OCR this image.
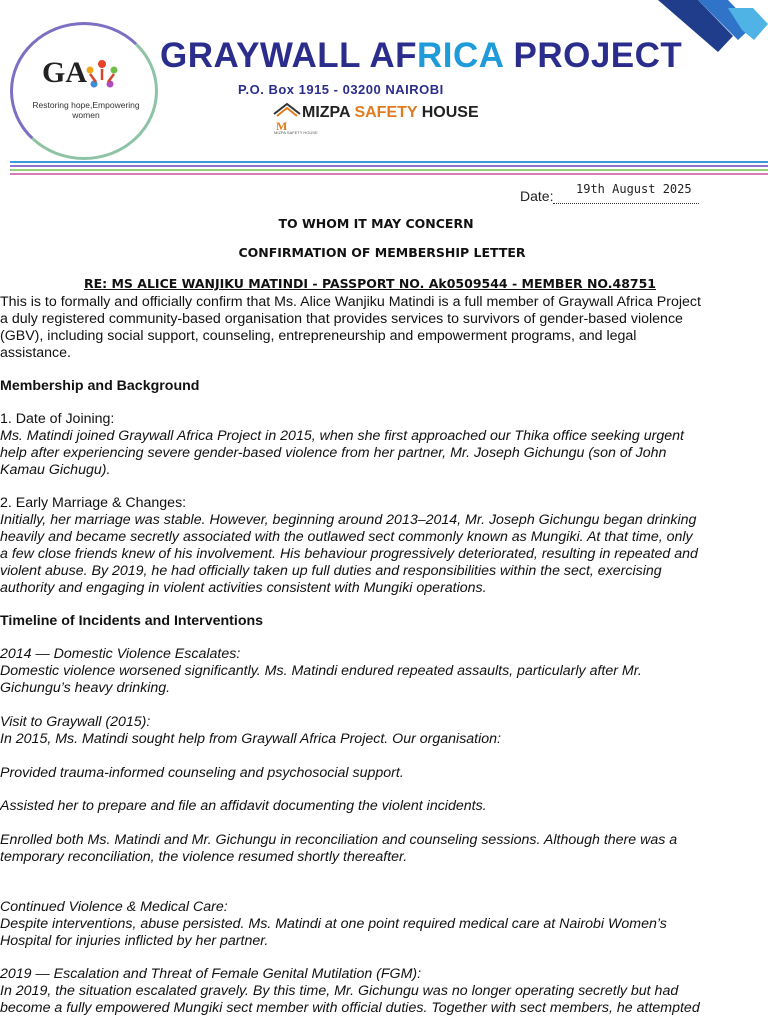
GA
Restoring hope,Empowering women
GRAYWALL AFRICA PROJECT
P.O. Box 1915 - 03200 NAIROBI
M
MIZPA SAFETY HOUSE
MIZPA SAFETY HOUSE
Date:	19th August 2025
TO WHOM IT MAY CONCERN
CONFIRMATION OF MEMBERSHIP LETTER
RE: MS ALICE WANJIKU MATINDI - PASSPORT NO. Ak0509544 - MEMBER NO.48751
This is to formally and officially confirm that Ms. Alice Wanjiku Matindi is a full member of Graywall Africa Project
a duly registered community-based organisation that provides services to survivors of gender-based violence
(GBV), including social support, counseling, entrepreneurship and empowerment programs, and legal
assistance.
Membership and Background
1. Date of Joining:
Ms. Matindi joined Graywall Africa Project in 2015, when she first approached our Thika office seeking urgent
help after experiencing severe gender-based violence from her partner, Mr. Joseph Gichungu (son of John
Kamau Gichugu).
2. Early Marriage & Changes:
Initially, her marriage was stable. However, beginning around 2013–2014, Mr. Joseph Gichungu began drinking
heavily and became secretly associated with the outlawed sect commonly known as Mungiki. At that time, only
a few close friends knew of his involvement. His behaviour progressively deteriorated, resulting in repeated and
violent abuse. By 2019, he had officially taken up full duties and responsibilities within the sect, exercising
authority and engaging in violent activities consistent with Mungiki operations.
Timeline of Incidents and Interventions
2014 — Domestic Violence Escalates:
Domestic violence worsened significantly. Ms. Matindi endured repeated assaults, particularly after Mr.
Gichungu’s heavy drinking.
Visit to Graywall (2015):
In 2015, Ms. Matindi sought help from Graywall Africa Project. Our organisation:
Provided trauma-informed counseling and psychosocial support.
Assisted her to prepare and file an affidavit documenting the violent incidents.
Enrolled both Ms. Matindi and Mr. Gichungu in reconciliation and counseling sessions. Although there was a
temporary reconciliation, the violence resumed shortly thereafter.
Continued Violence & Medical Care:
Despite interventions, abuse persisted. Ms. Matindi at one point required medical care at Nairobi Women’s
Hospital for injuries inflicted by her partner.
2019 — Escalation and Threat of Female Genital Mutilation (FGM):
In 2019, the situation escalated gravely. By this time, Mr. Gichungu was no longer operating secretly but had
become a fully empowered Mungiki sect member with official duties. Together with sect members, he attempted
